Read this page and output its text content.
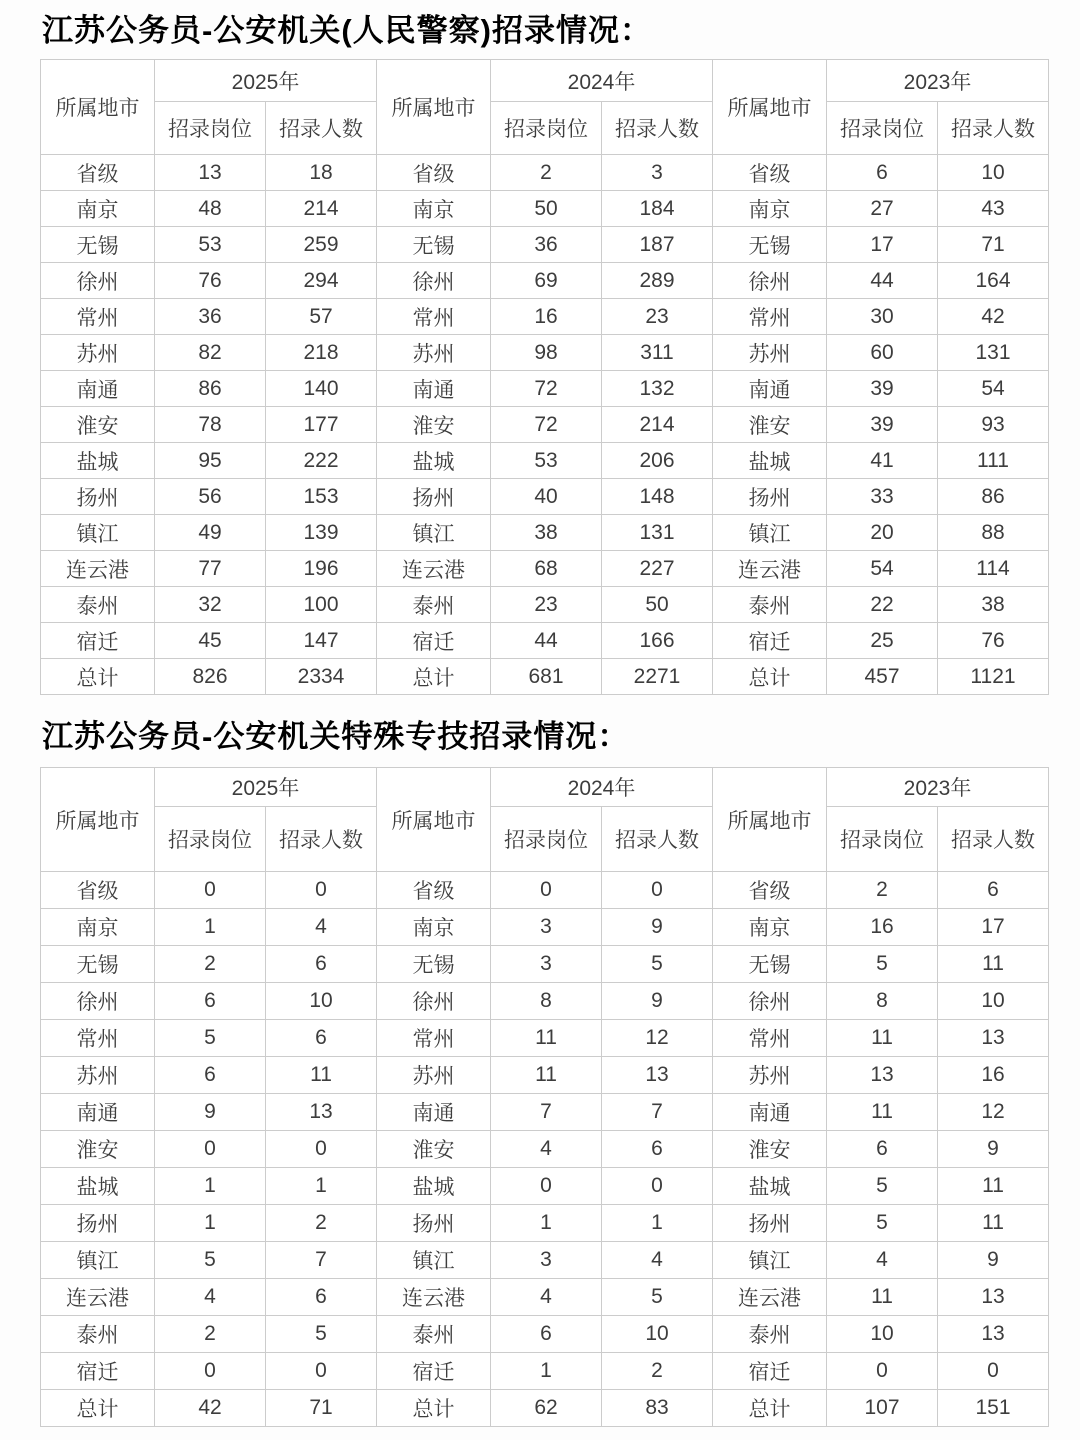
江苏公务员-公安机关(人民警察)招录情况：
所属地市	2025年		所属地市	2024年		所属地市	2023年	
	招录岗位	招录人数		招录岗位	招录人数		招录岗位	招录人数
省级	13	18	省级	2	3	省级	6	10
南京	48	214	南京	50	184	南京	27	43
无锡	53	259	无锡	36	187	无锡	17	71
徐州	76	294	徐州	69	289	徐州	44	164
常州	36	57	常州	16	23	常州	30	42
苏州	82	218	苏州	98	311	苏州	60	131
南通	86	140	南通	72	132	南通	39	54
淮安	78	177	淮安	72	214	淮安	39	93
盐城	95	222	盐城	53	206	盐城	41	111
扬州	56	153	扬州	40	148	扬州	33	86
镇江	49	139	镇江	38	131	镇江	20	88
连云港	77	196	连云港	68	227	连云港	54	114
泰州	32	100	泰州	23	50	泰州	22	38
宿迁	45	147	宿迁	44	166	宿迁	25	76
总计	826	2334	总计	681	2271	总计	457	1121
江苏公务员-公安机关特殊专技招录情况：
所属地市	2025年		所属地市	2024年		所属地市	2023年	
	招录岗位	招录人数		招录岗位	招录人数		招录岗位	招录人数
省级	0	0	省级	0	0	省级	2	6
南京	1	4	南京	3	9	南京	16	17
无锡	2	6	无锡	3	5	无锡	5	11
徐州	6	10	徐州	8	9	徐州	8	10
常州	5	6	常州	11	12	常州	11	13
苏州	6	11	苏州	11	13	苏州	13	16
南通	9	13	南通	7	7	南通	11	12
淮安	0	0	淮安	4	6	淮安	6	9
盐城	1	1	盐城	0	0	盐城	5	11
扬州	1	2	扬州	1	1	扬州	5	11
镇江	5	7	镇江	3	4	镇江	4	9
连云港	4	6	连云港	4	5	连云港	11	13
泰州	2	5	泰州	6	10	泰州	10	13
宿迁	0	0	宿迁	1	2	宿迁	0	0
总计	42	71	总计	62	83	总计	107	151
